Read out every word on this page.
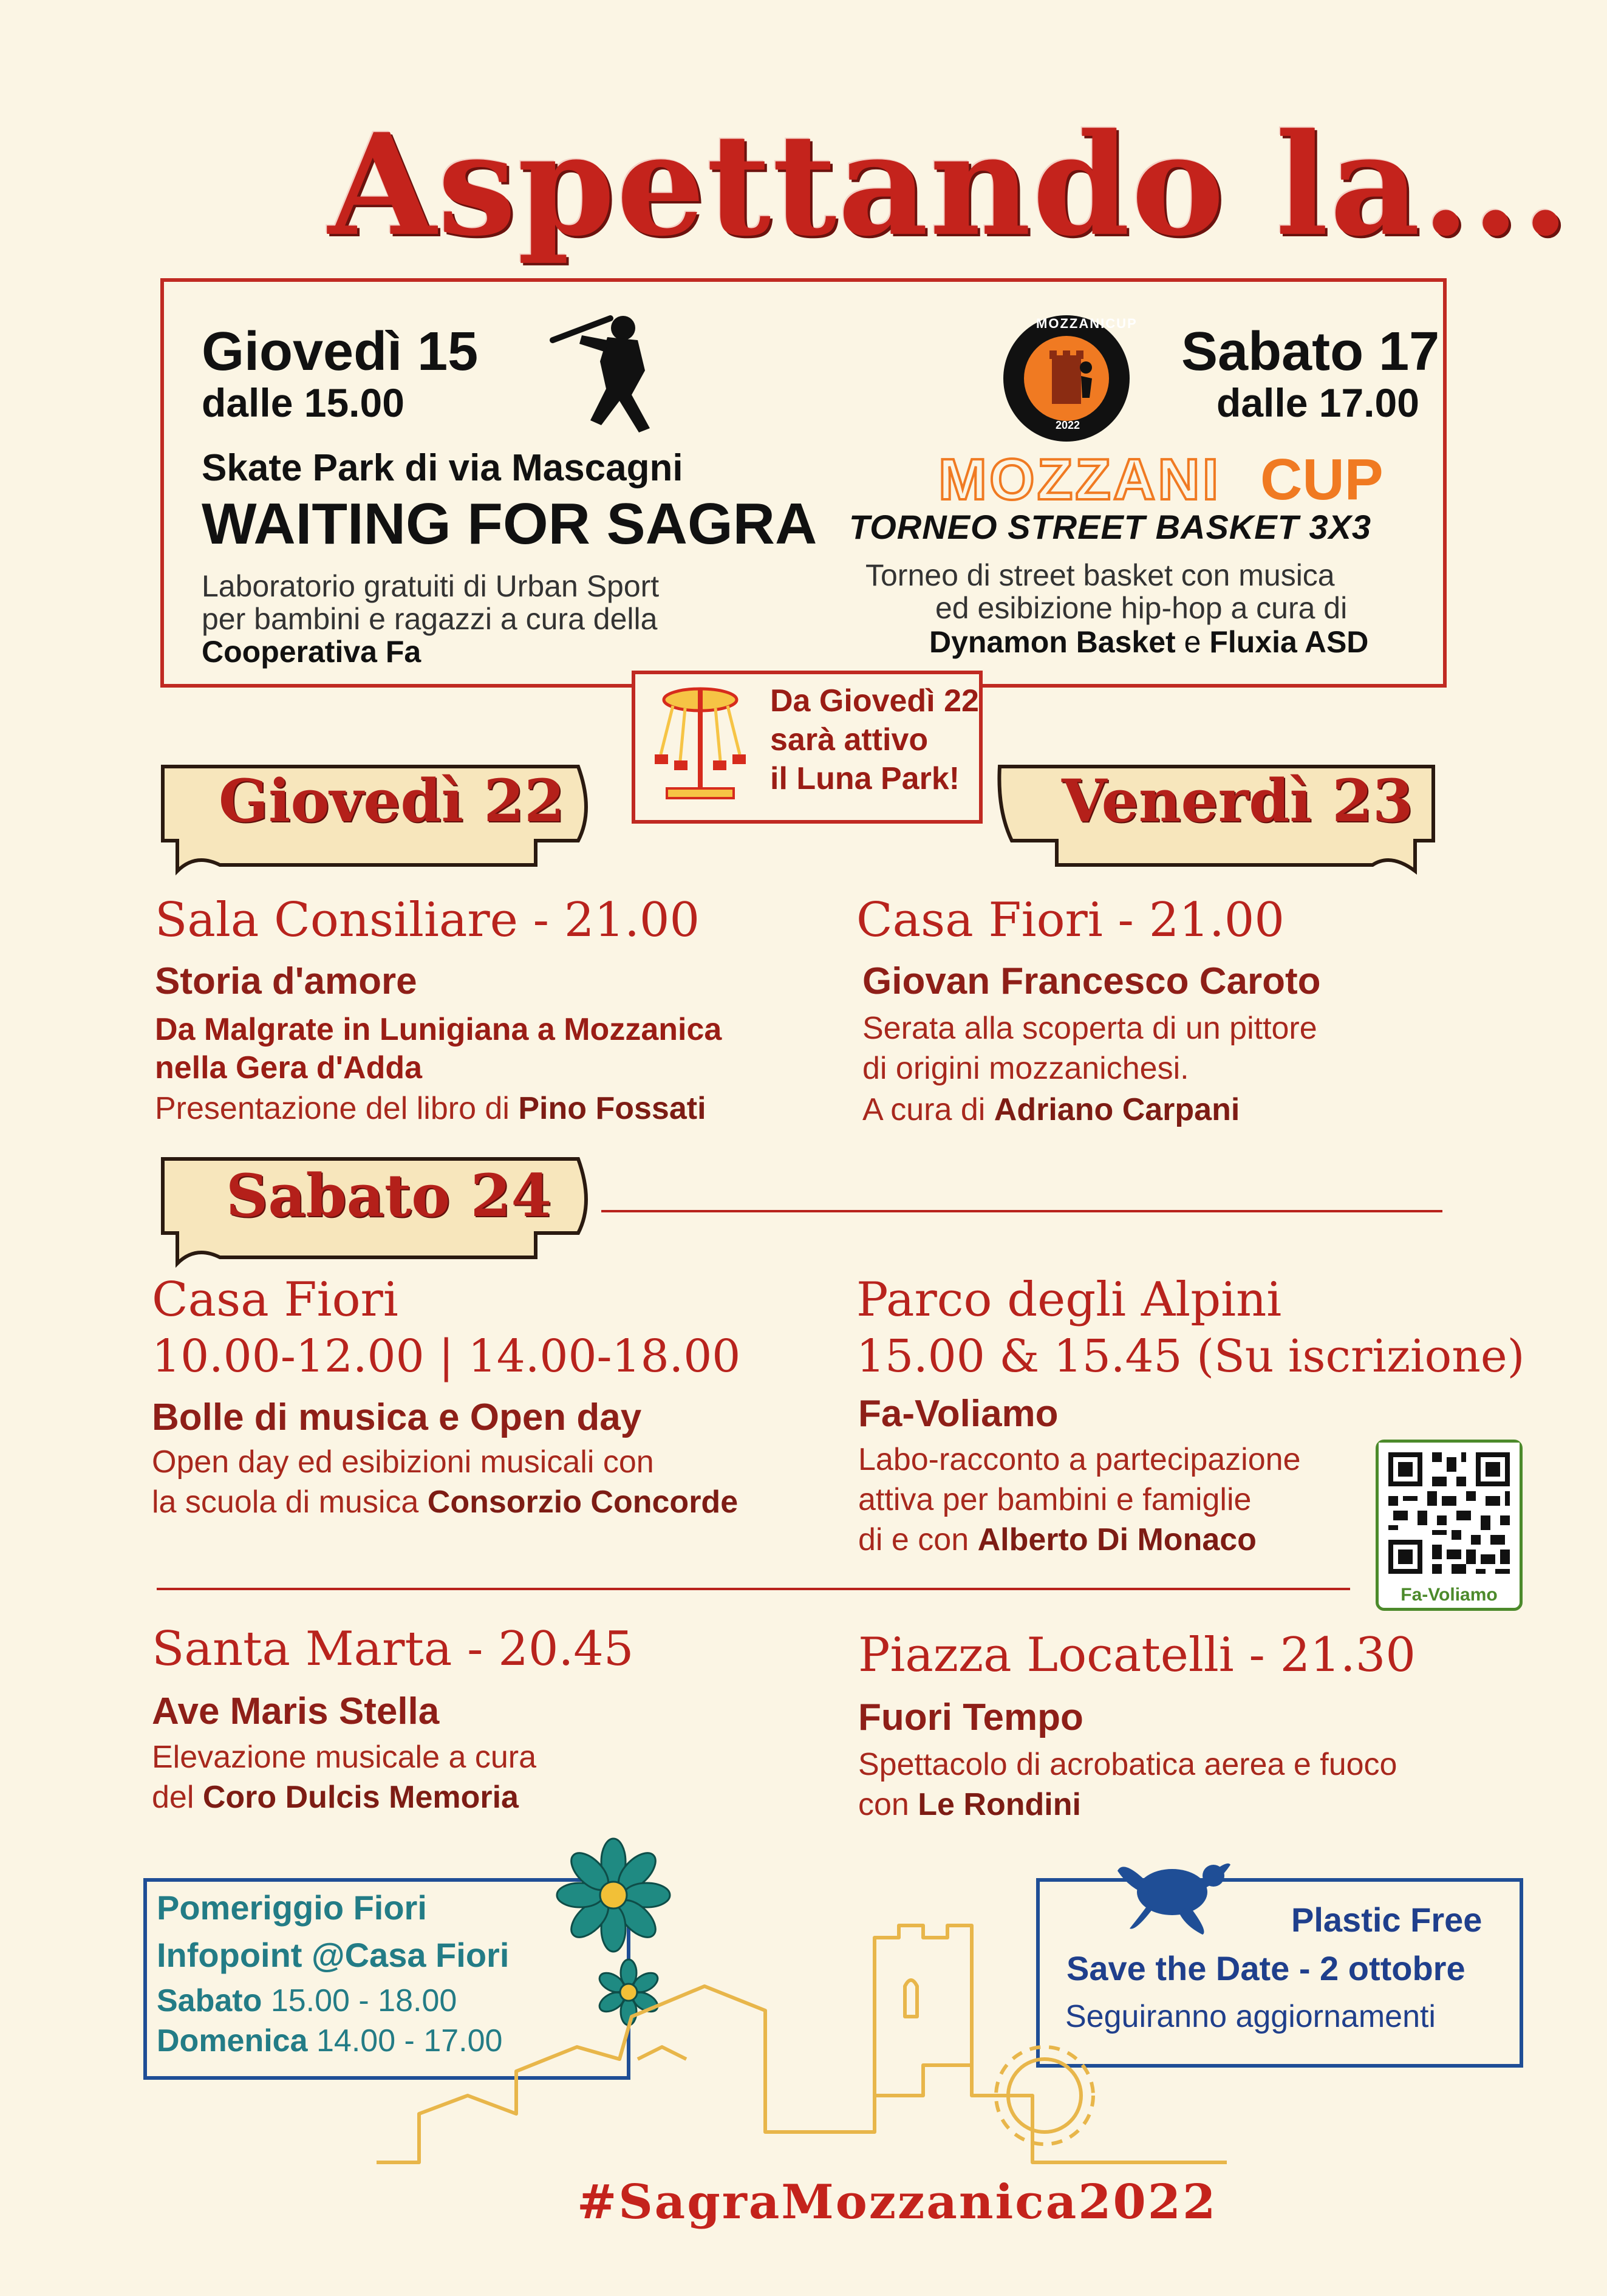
Aspettando la...
Giovedì 15
dalle 15.00
Skate Park di via Mascagni
WAITING FOR SAGRA
Laboratorio gratuiti di Urban Sport
per bambini e ragazzi a cura della
Cooperativa Fa
MOZZANICUP
2022
Sabato 17
dalle 17.00
MOZZANI CUP
TORNEO STREET BASKET 3X3
Torneo di street basket con musica
ed esibizione hip-hop a cura di
Dynamon Basket e Fluxia ASD
Da Giovedì 22
sarà attivo
il Luna Park!
Giovedì 22	Venerdì 23
Sala Consiliare - 21.00
Storia d'amore
Da Malgrate in Lunigiana a Mozzanica
nella Gera d'Adda
Presentazione del libro di Pino Fossati
Casa Fiori - 21.00
Giovan Francesco Caroto
Serata alla scoperta di un pittore
di origini mozzanichesi.
A cura di Adriano Carpani
Sabato 24
Casa Fiori
10.00-12.00 | 14.00-18.00
Bolle di musica e Open day
Open day ed esibizioni musicali con
la scuola di musica Consorzio Concorde
Parco degli Alpini
15.00 & 15.45 (Su iscrizione)
Fa-Voliamo
Labo-racconto a partecipazione
attiva per bambini e famiglie
di e con Alberto Di Monaco
Fa-Voliamo
Santa Marta - 20.45
Ave Maris Stella
Elevazione musicale a cura
del Coro Dulcis Memoria
Piazza Locatelli - 21.30
Fuori Tempo
Spettacolo di acrobatica aerea e fuoco
con Le Rondini
Pomeriggio Fiori
Infopoint @Casa Fiori
Sabato 15.00 - 18.00
Domenica 14.00 - 17.00
Plastic Free
Save the Date - 2 ottobre
Seguiranno aggiornamenti
#SagraMozzanica2022
